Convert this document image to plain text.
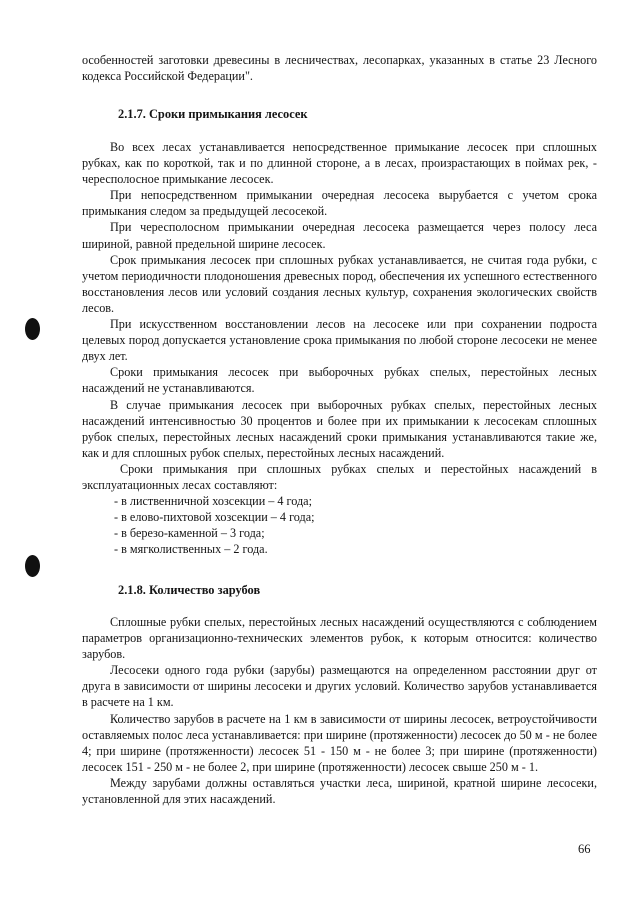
особенностей заготовки древесины в лесничествах, лесопарках, указанных в статье 23 Лесного кодекса Российской Федерации".

2.1.7. Сроки примыкания лесосек

Во всех лесах устанавливается непосредственное примыкание лесосек при сплошных рубках, как по короткой, так и по длинной стороне, а в лесах, произрастающих в поймах рек, - чересполосное примыкание лесосек.

При непосредственном примыкании очередная лесосека вырубается с учетом срока примыкания следом за предыдущей лесосекой.

При чересполосном примыкании очередная лесосека размещается через полосу леса шириной, равной предельной ширине лесосек.

Срок примыкания лесосек при сплошных рубках устанавливается, не считая года рубки, с учетом периодичности плодоношения древесных пород, обеспечения их успешного естественного восстановления лесов или условий создания лесных культур, сохранения экологических свойств лесов.

При искусственном восстановлении лесов на лесосеке или при сохранении подроста целевых пород допускается установление срока примыкания по любой стороне лесосеки не менее двух лет.

Сроки примыкания лесосек при выборочных рубках спелых, перестойных лесных насаждений не устанавливаются.

В случае примыкания лесосек при выборочных рубках спелых, перестойных лесных насаждений интенсивностью 30 процентов и более при их примыкании к лесосекам сплошных рубок спелых, перестойных лесных насаждений сроки примыкания устанавливаются такие же, как и для сплошных рубок спелых, перестойных лесных насаждений.

Сроки примыкания при сплошных рубках спелых и перестойных насаждений в эксплуатационных лесах составляют:

- в лиственничной хозсекции – 4 года;

- в елово-пихтовой хозсекции – 4 года;

- в березо-каменной – 3 года;

- в мягколиственных – 2 года.

2.1.8. Количество зарубов

Сплошные рубки спелых, перестойных лесных насаждений осуществляются с соблюдением параметров организационно-технических элементов рубок, к которым относится: количество зарубов.

Лесосеки одного года рубки (зарубы) размещаются на определенном расстоянии друг от друга в зависимости от ширины лесосеки и других условий. Количество зарубов устанавливается в расчете на 1 км.

Количество зарубов в расчете на 1 км в зависимости от ширины лесосек, ветроустойчивости оставляемых полос леса устанавливается: при ширине (протяженности) лесосек до 50 м - не более 4; при ширине (протяженности) лесосек 51 - 150 м - не более 3; при ширине (протяженности) лесосек 151 - 250 м - не более 2, при ширине (протяженности) лесосек свыше 250 м - 1.

Между зарубами должны оставляться участки леса, шириной, кратной ширине лесосеки, установленной для этих насаждений.

66
